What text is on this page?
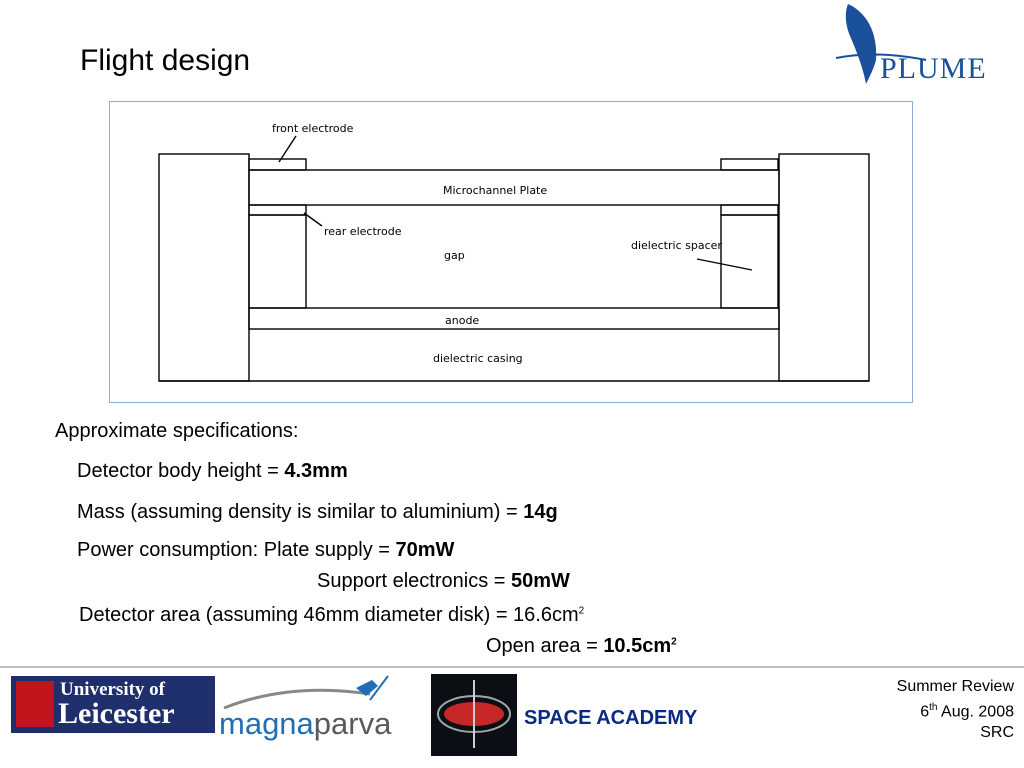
Flight design	PLUME
front electrode
Microchannel Plate
rear electrode
gap
dielectric spacer
anode
dielectric casing
Approximate specifications:
Detector body height = 4.3mm
Mass (assuming density is similar to aluminium) = 14g
Power consumption: Plate supply = 70mW
Support electronics = 50mW
Detector area (assuming 46mm diameter disk) = $16.6cm^2$
Open area = $10.5cm^2$
University of
Leicester magnaparva	SPACE ACADEMY
Summer Review
6th Aug. 2008
SRC
